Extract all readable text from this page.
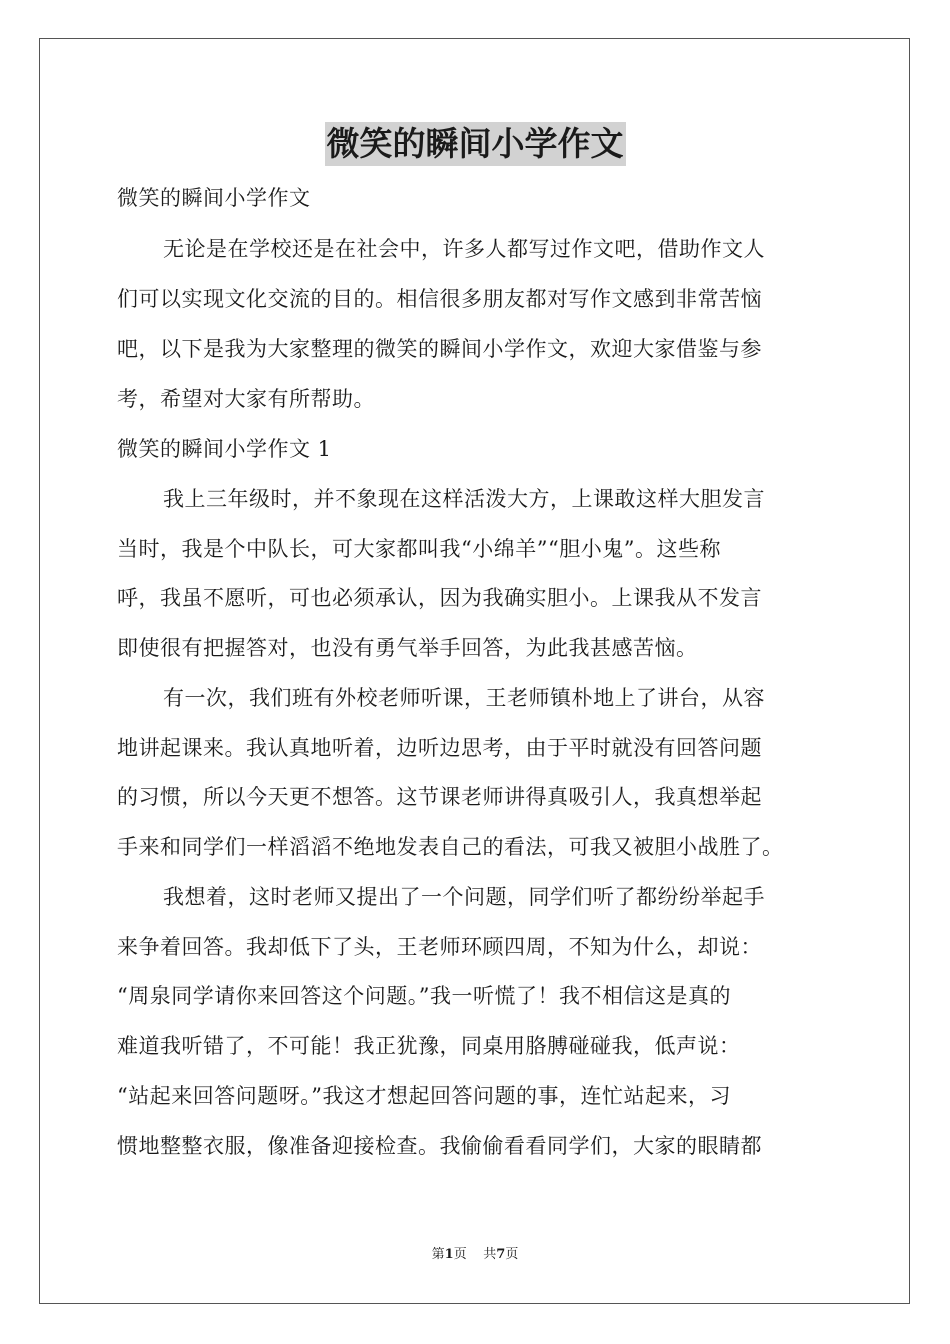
微笑的瞬间小学作文
微笑的瞬间小学作文
无论是在学校还是在社会中，许多人都写过作文吧，借助作文人
们可以实现文化交流的目的。相信很多朋友都对写作文感到非常苦恼
吧，以下是我为大家整理的微笑的瞬间小学作文，欢迎大家借鉴与参
考，希望对大家有所帮助。
微笑的瞬间小学作文 1
我上三年级时，并不象现在这样活泼大方，上课敢这样大胆发言
当时，我是个中队长，可大家都叫我“小绵羊”“胆小鬼”。这些称
呼，我虽不愿听，可也必须承认，因为我确实胆小。上课我从不发言
即使很有把握答对，也没有勇气举手回答，为此我甚感苦恼。
有一次，我们班有外校老师听课，王老师镇朴地上了讲台，从容
地讲起课来。我认真地听着，边听边思考，由于平时就没有回答问题
的习惯，所以今天更不想答。这节课老师讲得真吸引人，我真想举起
手来和同学们一样滔滔不绝地发表自己的看法，可我又被胆小战胜了。
我想着，这时老师又提出了一个问题，同学们听了都纷纷举起手
来争着回答。我却低下了头，王老师环顾四周，不知为什么，却说：
“周泉同学请你来回答这个问题。”我一听慌了！我不相信这是真的
难道我听错了，不可能！我正犹豫，同桌用胳膊碰碰我，低声说：
“站起来回答问题呀。”我这才想起回答问题的事，连忙站起来，习
惯地整整衣服，像准备迎接检查。我偷偷看看同学们，大家的眼睛都
第1页 共7页
